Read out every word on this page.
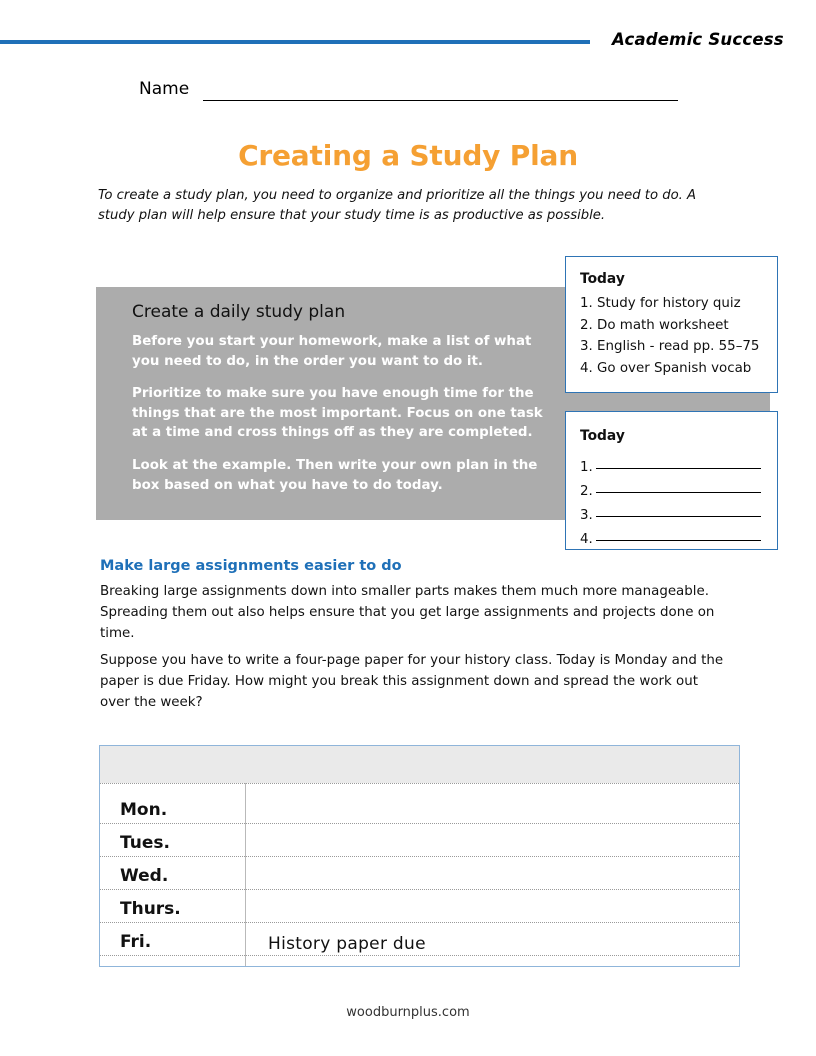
Academic Success
Name
Creating a Study Plan
To create a study plan, you need to organize and prioritize all the things you need to do. A study plan will help ensure that your study time is as productive as possible.
Create a daily study plan
Before you start your homework, make a list of what you need to do, in the order you want to do it.
Prioritize to make sure you have enough time for the things that are the most important. Focus on one task at a time and cross things off as they are completed.
Look at the example. Then write your own plan in the box based on what you have to do today.
Today
1. Study for history quiz
2. Do math worksheet
3. English - read pp. 55–75
4. Go over Spanish vocab
Today
1.
2.
3.
4.
Make large assignments easier to do
Breaking large assignments down into smaller parts makes them much more manageable. Spreading them out also helps ensure that you get large assignments and projects done on time.
Suppose you have to write a four-page paper for your history class. Today is Monday and the paper is due Friday. How might you break this assignment down and spread the work out over the week?
Mon.
Tues.
Wed.
Thurs.
Fri.	History paper due
woodburnplus.com
